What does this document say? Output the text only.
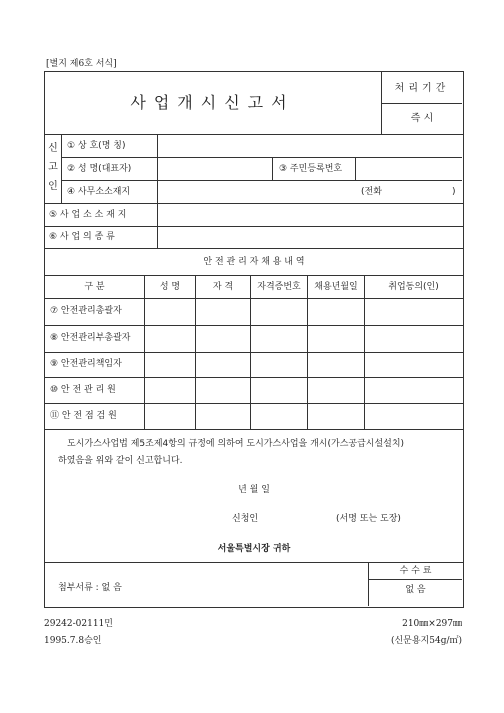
[별지 제6호 서식]
사업개시신고서
처리기간
즉 시
신
고
인
① 상 호(명 칭)
② 성 명(대표자)	③ 주민등록번호
④ 사무소소재지	(전화	)
⑤ 사 업 소 소 재 지
⑥ 사 업 의 종 류
안 전 관 리 자 채 용 내 역
구 분	성 명	자 격	자격증번호	채용년월일	취업동의(인)
⑦ 안전관리총괄자
⑧ 안전관리부총괄자
⑨ 안전관리책임자
⑩ 안 전 관 리 원
⑪ 안 전 점 검 원
도시가스사업법 제5조제4항의 규정에 의하여 도시가스사업을 개시(가스공급시설설치)
하였음을 위와 같이 신고합니다.
년 월 일
신청인	(서명 또는 도장)
서울특별시장 귀하
첨부서류 : 없 음
수 수 료
없 음
29242-02111민
1995.7.8승인
210㎜×297㎜
(신문용지54g/㎡)
